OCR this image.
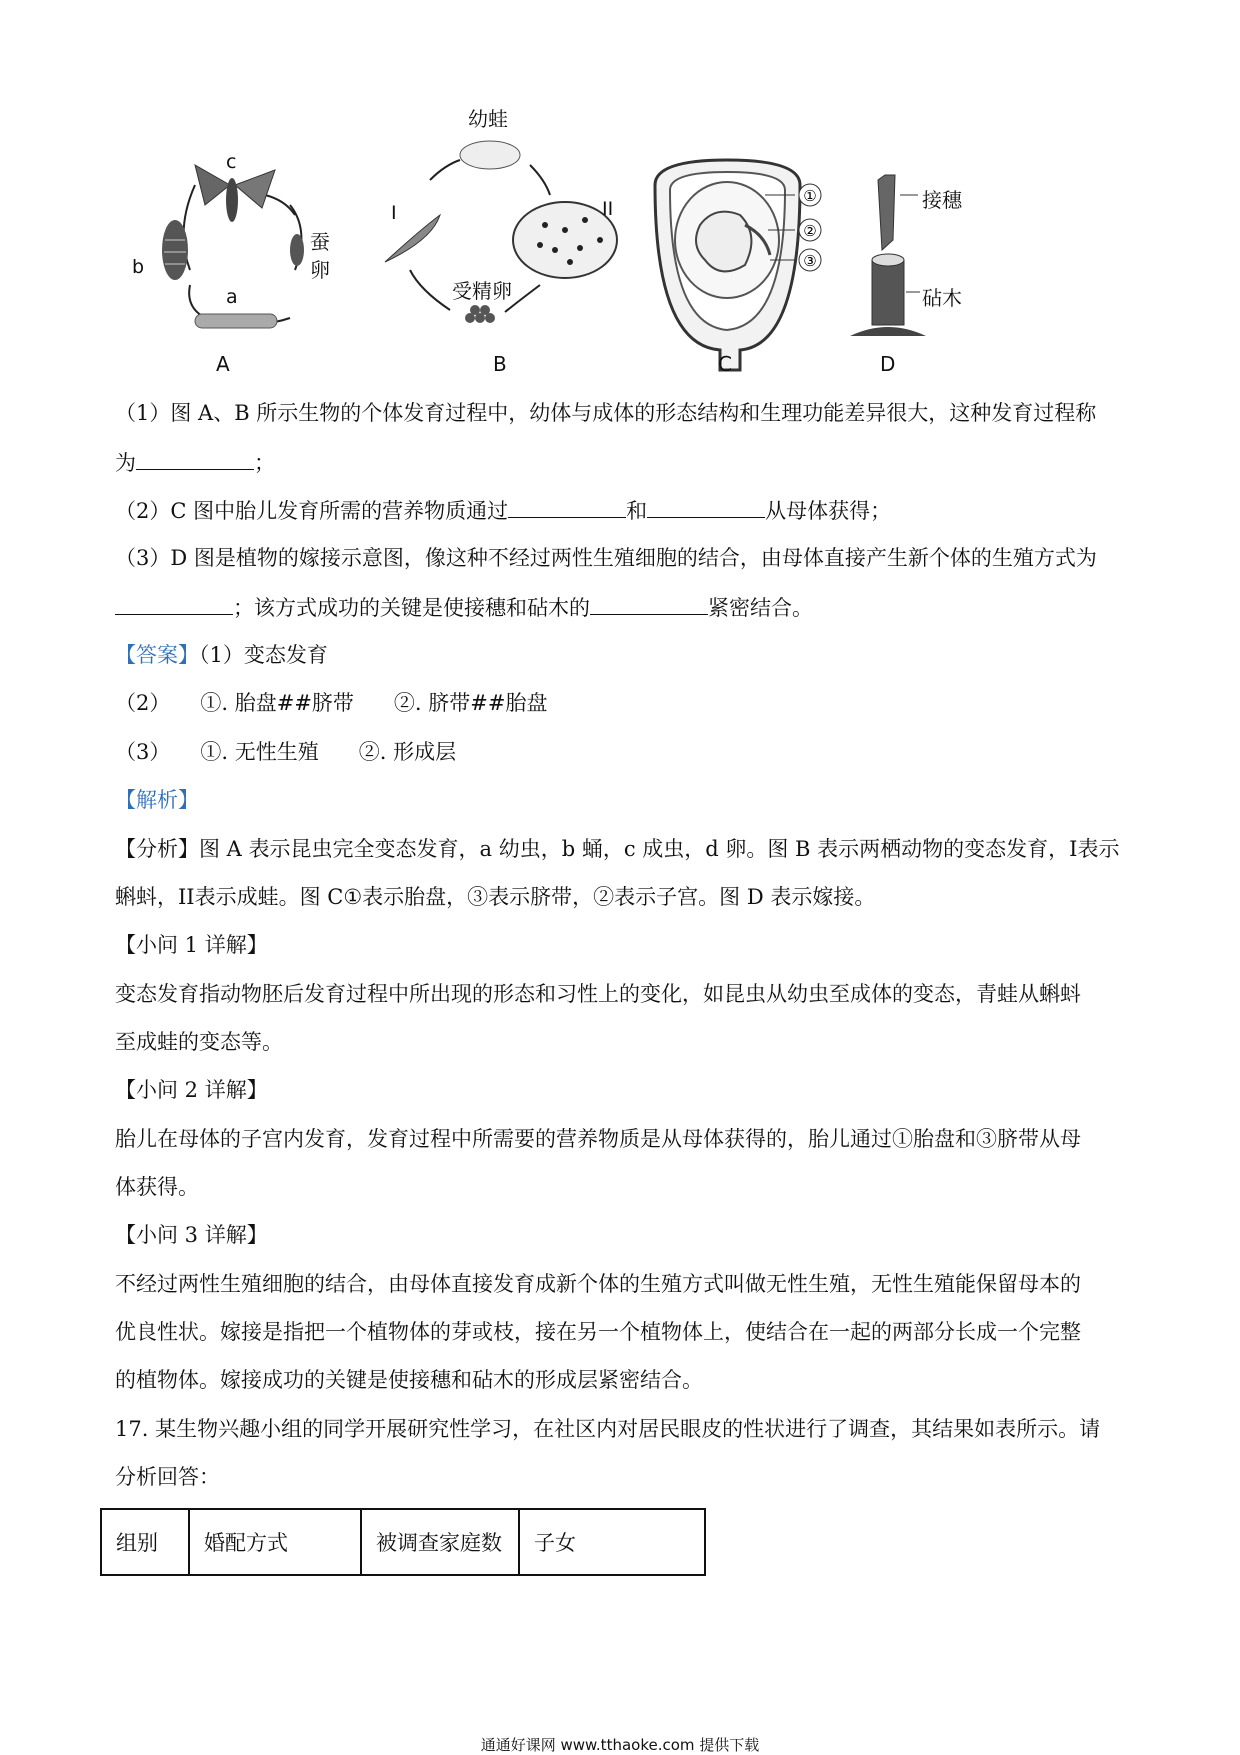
①
②
③
c
b
a
蚕卵
A
幼蛙
I	II
受精卵
B	C
接穗
砧木
D
（1）图 A、B 所示生物的个体发育过程中，幼体与成体的形态结构和生理功能差异很大，这种发育过程称
为	；
（2）C 图中胎儿发育所需的营养物质通过	和	从母体获得；
（3）D 图是植物的嫁接示意图，像这种不经过两性生殖细胞的结合，由母体直接产生新个体的生殖方式为
；该方式成功的关键是使接穗和砧木的	紧密结合。
【答案】（1）变态发育
（2） ①. 胎盘##脐带 ②. 脐带##胎盘
（3） ①. 无性生殖 ②. 形成层
【解析】
【分析】图 A 表示昆虫完全变态发育，a 幼虫，b 蛹，c 成虫，d 卵。图 B 表示两栖动物的变态发育，I表示
蝌蚪，II表示成蛙。图 C①表示胎盘，③表示脐带，②表示子宫。图 D 表示嫁接。
【小问 1 详解】
变态发育指动物胚后发育过程中所出现的形态和习性上的变化，如昆虫从幼虫至成体的变态，青蛙从蝌蚪
至成蛙的变态等。
【小问 2 详解】
胎儿在母体的子宫内发育，发育过程中所需要的营养物质是从母体获得的，胎儿通过①胎盘和③脐带从母
体获得。
【小问 3 详解】
不经过两性生殖细胞的结合，由母体直接发育成新个体的生殖方式叫做无性生殖，无性生殖能保留母本的
优良性状。嫁接是指把一个植物体的芽或枝，接在另一个植物体上，使结合在一起的两部分长成一个完整
的植物体。嫁接成功的关键是使接穗和砧木的形成层紧密结合。
17. 某生物兴趣小组的同学开展研究性学习，在社区内对居民眼皮的性状进行了调查，其结果如表所示。请
分析回答：
组别	婚配方式	被调查家庭数	子女
通通好课网 www.tthaoke.com 提供下载
